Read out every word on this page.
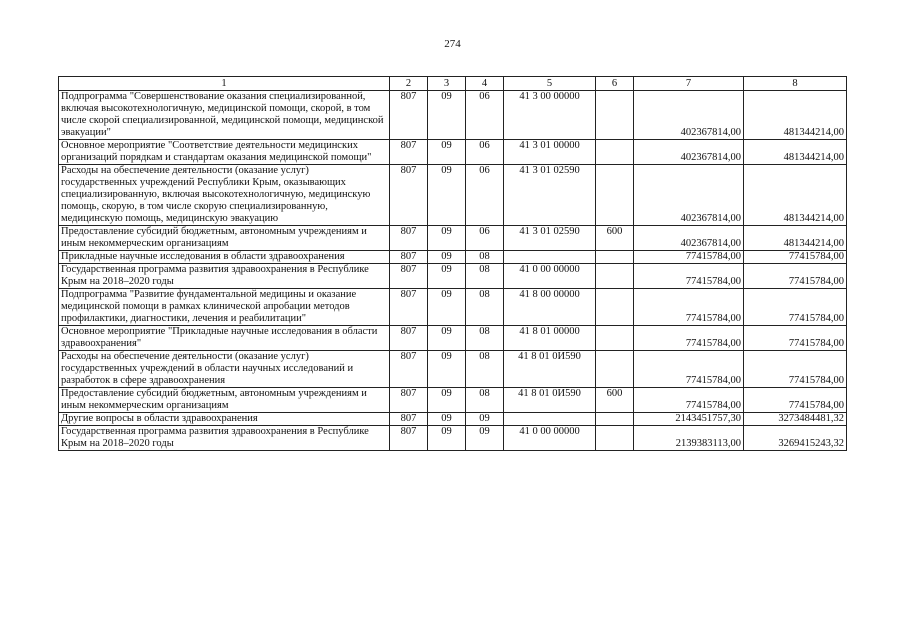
274
1	2	3	4	5	6	7	8
Подпрограмма "Совершенствование оказания специализированной, включая высокотехнологичную, медицинской помощи, скорой, в том числе скорой специализированной, медицинской помощи, медицинской эвакуации"	807	09	06	41 3 00 00000		402367814,00	481344214,00
Основное мероприятие "Соответствие деятельности медицинских организаций порядкам и стандартам оказания медицинской помощи"	807	09	06	41 3 01 00000		402367814,00	481344214,00
Расходы на обеспечение деятельности (оказание услуг) государственных учреждений Республики Крым, оказывающих специализированную, включая высокотехнологичную, медицинскую помощь, скорую, в том числе скорую специализированную, медицинскую помощь, медицинскую эвакуацию	807	09	06	41 3 01 02590		402367814,00	481344214,00
Предоставление субсидий бюджетным, автономным учреждениям и иным некоммерческим организациям	807	09	06	41 3 01 02590	600	402367814,00	481344214,00
Прикладные научные исследования в области здравоохранения	807	09	08			77415784,00	77415784,00
Государственная программа развития здравоохранения в Республике Крым на 2018–2020 годы	807	09	08	41 0 00 00000		77415784,00	77415784,00
Подпрограмма "Развитие фундаментальной медицины и оказание медицинской помощи в рамках клинической апробации методов профилактики, диагностики, лечения и реабилитации"	807	09	08	41 8 00 00000		77415784,00	77415784,00
Основное мероприятие "Прикладные научные исследования в области здравоохранения"	807	09	08	41 8 01 00000		77415784,00	77415784,00
Расходы на обеспечение деятельности (оказание услуг) государственных учреждений в области научных исследований и разработок в сфере здравоохранения	807	09	08	41 8 01 0И590		77415784,00	77415784,00
Предоставление субсидий бюджетным, автономным учреждениям и иным некоммерческим организациям	807	09	08	41 8 01 0И590	600	77415784,00	77415784,00
Другие вопросы в области здравоохранения	807	09	09			2143451757,30	3273484481,32
Государственная программа развития здравоохранения в Республике Крым на 2018–2020 годы	807	09	09	41 0 00 00000		2139383113,00	3269415243,32
